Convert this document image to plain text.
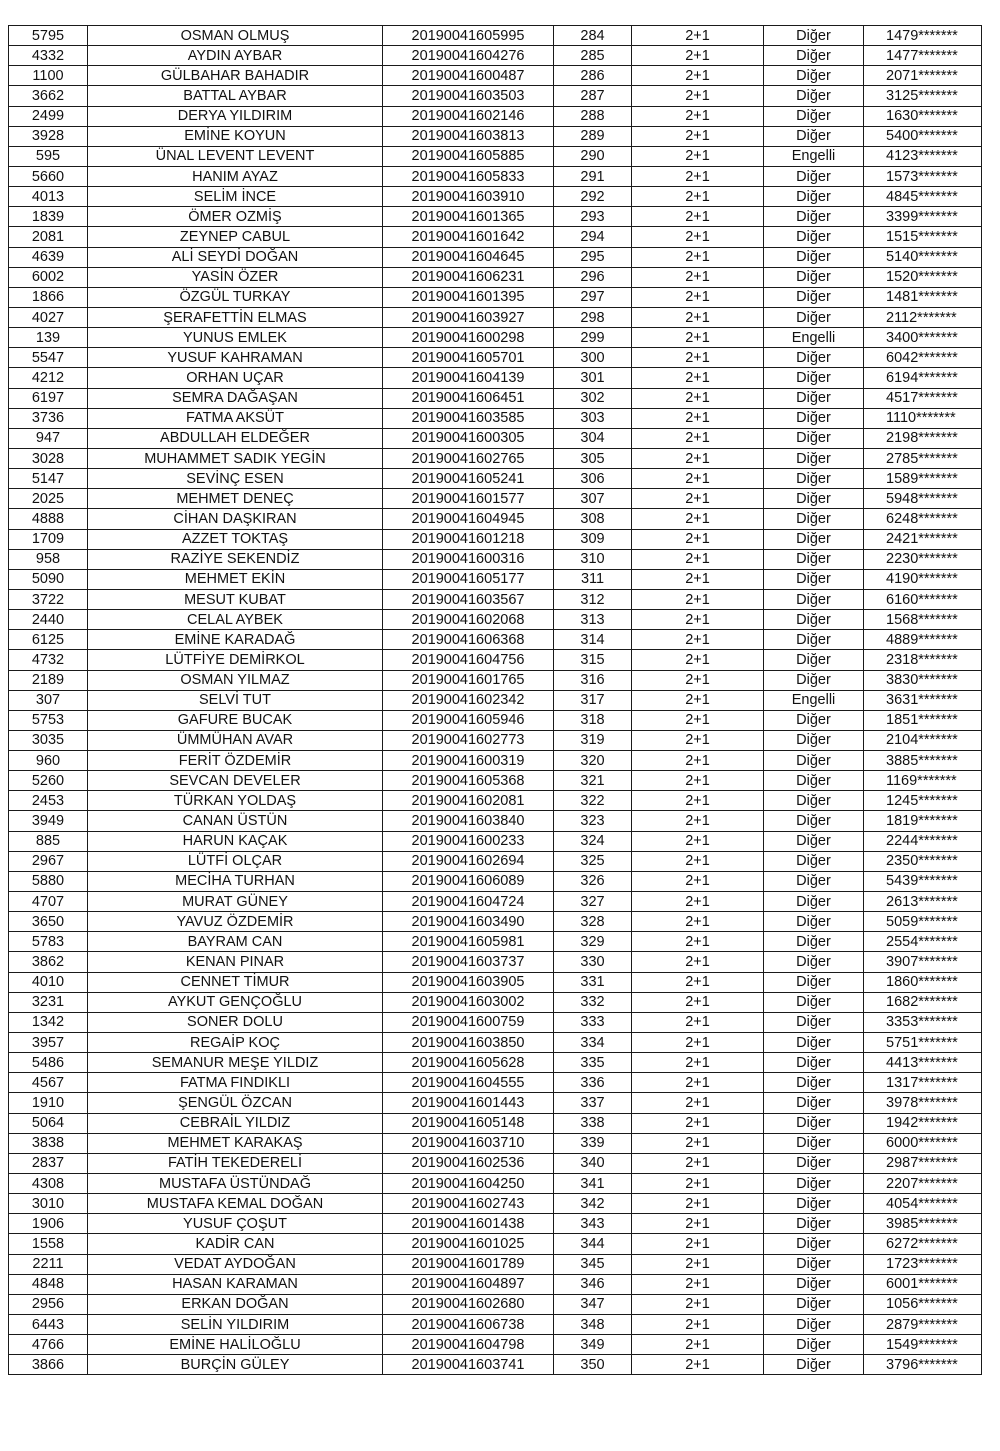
5795	OSMAN OLMUŞ	20190041605995	284	2+1	Diğer	1479*******
4332	AYDIN AYBAR	20190041604276	285	2+1	Diğer	1477*******
1100	GÜLBAHAR BAHADIR	20190041600487	286	2+1	Diğer	2071*******
3662	BATTAL AYBAR	20190041603503	287	2+1	Diğer	3125*******
2499	DERYA YILDIRIM	20190041602146	288	2+1	Diğer	1630*******
3928	EMİNE KOYUN	20190041603813	289	2+1	Diğer	5400*******
595	ÜNAL LEVENT LEVENT	20190041605885	290	2+1	Engelli	4123*******
5660	HANIM AYAZ	20190041605833	291	2+1	Diğer	1573*******
4013	SELİM İNCE	20190041603910	292	2+1	Diğer	4845*******
1839	ÖMER OZMİŞ	20190041601365	293	2+1	Diğer	3399*******
2081	ZEYNEP CABUL	20190041601642	294	2+1	Diğer	1515*******
4639	ALİ SEYDİ DOĞAN	20190041604645	295	2+1	Diğer	5140*******
6002	YASİN ÖZER	20190041606231	296	2+1	Diğer	1520*******
1866	ÖZGÜL TURKAY	20190041601395	297	2+1	Diğer	1481*******
4027	ŞERAFETTİN ELMAS	20190041603927	298	2+1	Diğer	2112*******
139	YUNUS EMLEK	20190041600298	299	2+1	Engelli	3400*******
5547	YUSUF KAHRAMAN	20190041605701	300	2+1	Diğer	6042*******
4212	ORHAN UÇAR	20190041604139	301	2+1	Diğer	6194*******
6197	SEMRA DAĞAŞAN	20190041606451	302	2+1	Diğer	4517*******
3736	FATMA AKSÜT	20190041603585	303	2+1	Diğer	1110*******
947	ABDULLAH ELDEĞER	20190041600305	304	2+1	Diğer	2198*******
3028	MUHAMMET SADIK YEGİN	20190041602765	305	2+1	Diğer	2785*******
5147	SEVİNÇ ESEN	20190041605241	306	2+1	Diğer	1589*******
2025	MEHMET DENEÇ	20190041601577	307	2+1	Diğer	5948*******
4888	CİHAN DAŞKIRAN	20190041604945	308	2+1	Diğer	6248*******
1709	AZZET TOKTAŞ	20190041601218	309	2+1	Diğer	2421*******
958	RAZİYE SEKENDİZ	20190041600316	310	2+1	Diğer	2230*******
5090	MEHMET EKİN	20190041605177	311	2+1	Diğer	4190*******
3722	MESUT KUBAT	20190041603567	312	2+1	Diğer	6160*******
2440	CELAL AYBEK	20190041602068	313	2+1	Diğer	1568*******
6125	EMİNE KARADAĞ	20190041606368	314	2+1	Diğer	4889*******
4732	LÜTFİYE DEMİRKOL	20190041604756	315	2+1	Diğer	2318*******
2189	OSMAN YILMAZ	20190041601765	316	2+1	Diğer	3830*******
307	SELVİ TUT	20190041602342	317	2+1	Engelli	3631*******
5753	GAFURE BUCAK	20190041605946	318	2+1	Diğer	1851*******
3035	ÜMMÜHAN AVAR	20190041602773	319	2+1	Diğer	2104*******
960	FERİT ÖZDEMİR	20190041600319	320	2+1	Diğer	3885*******
5260	SEVCAN DEVELER	20190041605368	321	2+1	Diğer	1169*******
2453	TÜRKAN YOLDAŞ	20190041602081	322	2+1	Diğer	1245*******
3949	CANAN ÜSTÜN	20190041603840	323	2+1	Diğer	1819*******
885	HARUN KAÇAK	20190041600233	324	2+1	Diğer	2244*******
2967	LÜTFİ OLÇAR	20190041602694	325	2+1	Diğer	2350*******
5880	MECİHA TURHAN	20190041606089	326	2+1	Diğer	5439*******
4707	MURAT GÜNEY	20190041604724	327	2+1	Diğer	2613*******
3650	YAVUZ ÖZDEMİR	20190041603490	328	2+1	Diğer	5059*******
5783	BAYRAM CAN	20190041605981	329	2+1	Diğer	2554*******
3862	KENAN PINAR	20190041603737	330	2+1	Diğer	3907*******
4010	CENNET TİMUR	20190041603905	331	2+1	Diğer	1860*******
3231	AYKUT GENÇOĞLU	20190041603002	332	2+1	Diğer	1682*******
1342	SONER DOLU	20190041600759	333	2+1	Diğer	3353*******
3957	REGAİP KOÇ	20190041603850	334	2+1	Diğer	5751*******
5486	SEMANUR MEŞE YILDIZ	20190041605628	335	2+1	Diğer	4413*******
4567	FATMA FINDIKLI	20190041604555	336	2+1	Diğer	1317*******
1910	ŞENGÜL ÖZCAN	20190041601443	337	2+1	Diğer	3978*******
5064	CEBRAİL YILDIZ	20190041605148	338	2+1	Diğer	1942*******
3838	MEHMET KARAKAŞ	20190041603710	339	2+1	Diğer	6000*******
2837	FATİH TEKEDERELİ	20190041602536	340	2+1	Diğer	2987*******
4308	MUSTAFA ÜSTÜNDAĞ	20190041604250	341	2+1	Diğer	2207*******
3010	MUSTAFA KEMAL DOĞAN	20190041602743	342	2+1	Diğer	4054*******
1906	YUSUF ÇOŞUT	20190041601438	343	2+1	Diğer	3985*******
1558	KADİR CAN	20190041601025	344	2+1	Diğer	6272*******
2211	VEDAT AYDOĞAN	20190041601789	345	2+1	Diğer	1723*******
4848	HASAN KARAMAN	20190041604897	346	2+1	Diğer	6001*******
2956	ERKAN DOĞAN	20190041602680	347	2+1	Diğer	1056*******
6443	SELİN YILDIRIM	20190041606738	348	2+1	Diğer	2879*******
4766	EMİNE HALİLOĞLU	20190041604798	349	2+1	Diğer	1549*******
3866	BURÇİN GÜLEY	20190041603741	350	2+1	Diğer	3796*******
